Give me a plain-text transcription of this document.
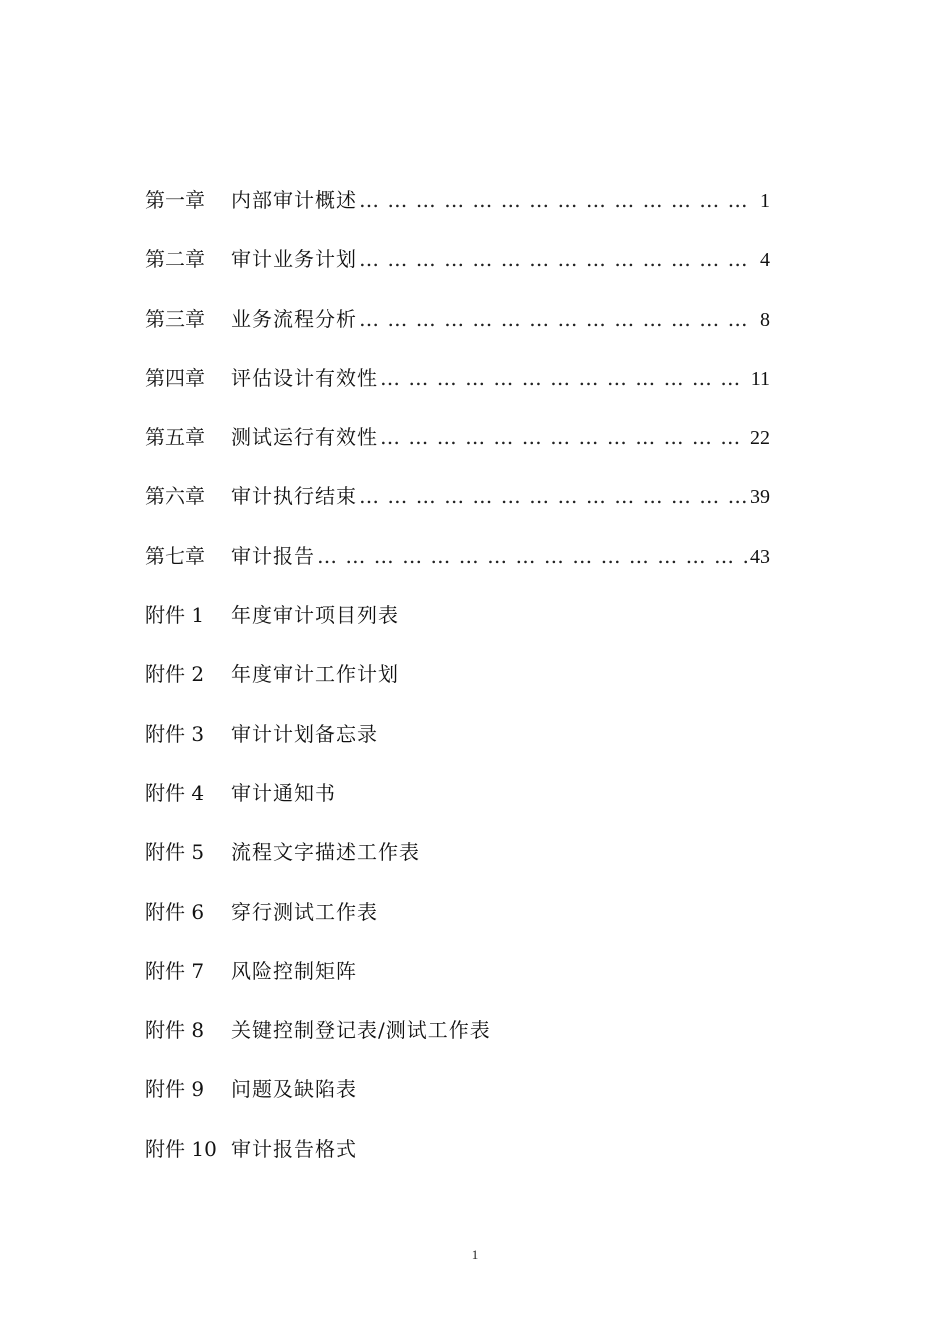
第一章	内部审计概述 … … … … … … … … … … … … … … … … … … … … … … … … … … … … … … … … … … … … … … … …	1
第二章	审计业务计划 … … … … … … … … … … … … … … … … … … … … … … … … … … … … … … … … … … … … … … … …	4
第三章	业务流程分析 … … … … … … … … … … … … … … … … … … … … … … … … … … … … … … … … … … … … … … … …	8
第四章	评估设计有效性 … … … … … … … … … … … … … … … … … … … … … … … … … … … … … … … … … … … … … … … …	11
第五章	测试运行有效性 … … … … … … … … … … … … … … … … … … … … … … … … … … … … … … … … … … … … … … … …	22
第六章	审计执行结束 … … … … … … … … … … … … … … … … … … … … … … … … … … … … … … … … … … … … … … … …	39
第七章	审计报告 … … … … … … … … … … … … … … … … … … … … … … … … … … … … … … … … … … … … … … … …	43
附件 1	年度审计项目列表
附件 2	年度审计工作计划
附件 3	审计计划备忘录
附件 4	审计通知书
附件 5	流程文字描述工作表
附件 6	穿行测试工作表
附件 7	风险控制矩阵
附件 8	关键控制登记表/测试工作表
附件 9	问题及缺陷表
附件 10 审计报告格式
1
